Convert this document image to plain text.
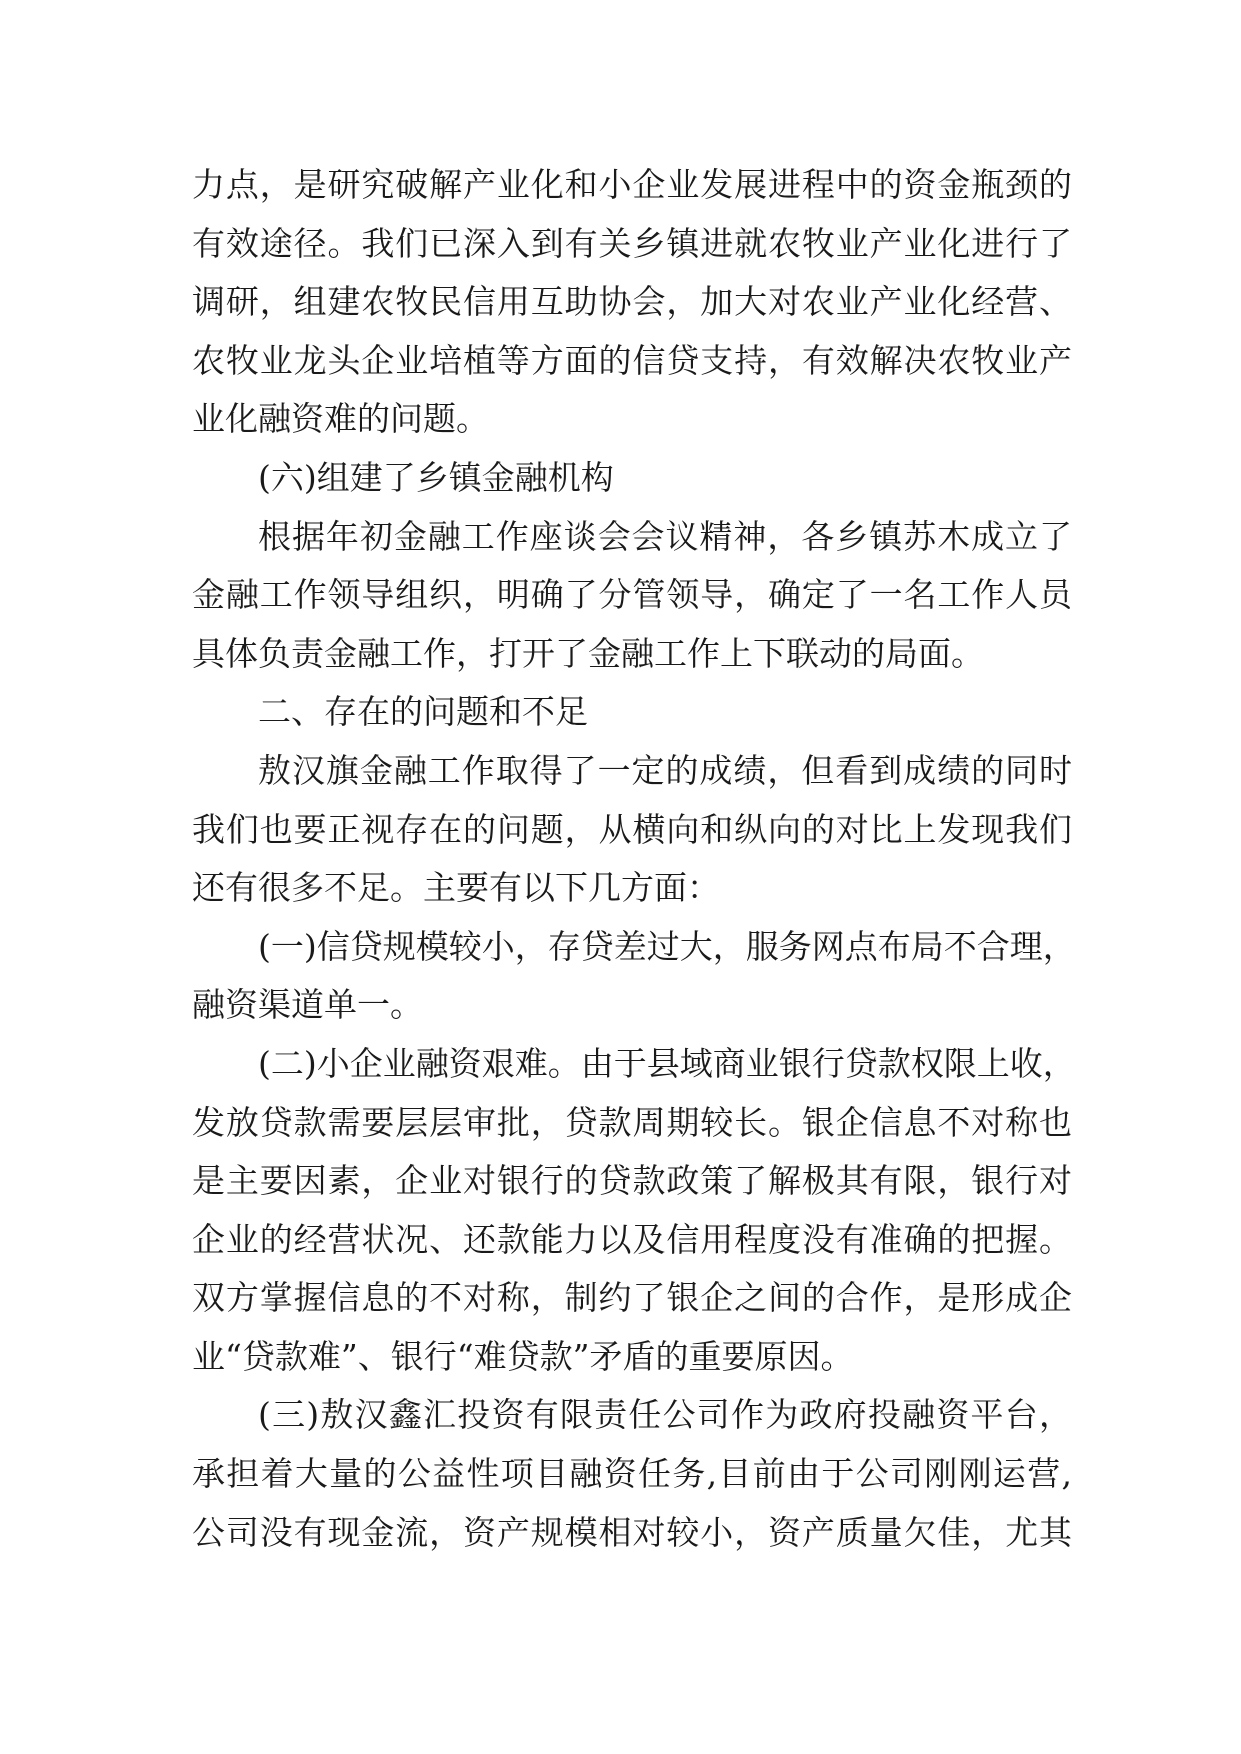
力点，是研究破解产业化和小企业发展进程中的资金瓶颈的
有效途径。我们已深入到有关乡镇进就农牧业产业化进行了
调研，组建农牧民信用互助协会，加大对农业产业化经营、
农牧业龙头企业培植等方面的信贷支持，有效解决农牧业产
业化融资难的问题。
(六)组建了乡镇金融机构
根据年初金融工作座谈会会议精神，各乡镇苏木成立了
金融工作领导组织，明确了分管领导，确定了一名工作人员
具体负责金融工作，打开了金融工作上下联动的局面。
二、存在的问题和不足
敖汉旗金融工作取得了一定的成绩，但看到成绩的同时
我们也要正视存在的问题，从横向和纵向的对比上发现我们
还有很多不足。主要有以下几方面：
(一)信贷规模较小，存贷差过大，服务网点布局不合理，
融资渠道单一。
(二)小企业融资艰难。由于县域商业银行贷款权限上收，
发放贷款需要层层审批，贷款周期较长。银企信息不对称也
是主要因素，企业对银行的贷款政策了解极其有限，银行对
企业的经营状况、还款能力以及信用程度没有准确的把握。
双方掌握信息的不对称，制约了银企之间的合作，是形成企
业“贷款难”、银行“难贷款”矛盾的重要原因。
(三)敖汉鑫汇投资有限责任公司作为政府投融资平台，
承担着大量的公益性项目融资任务,目前由于公司刚刚运营,
公司没有现金流，资产规模相对较小，资产质量欠佳，尤其
